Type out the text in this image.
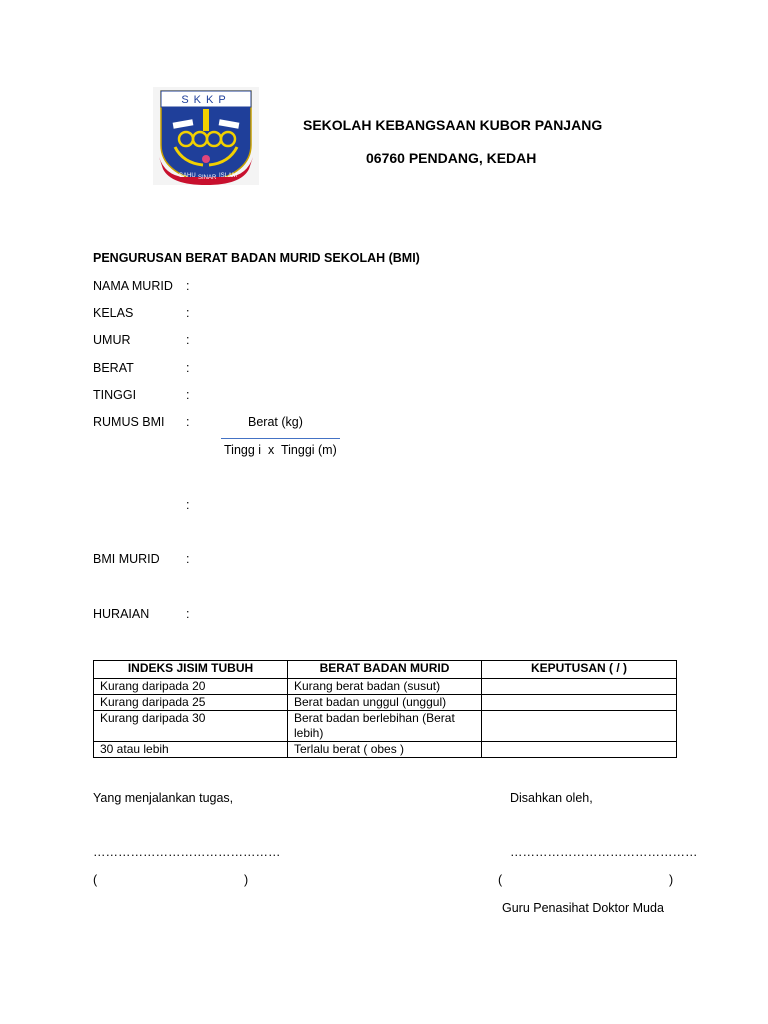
SKKP
SAHU SINAR ISLAM
SEKOLAH KEBANGSAAN KUBOR PANJANG
06760 PENDANG, KEDAH
PENGURUSAN BERAT BADAN MURID SEKOLAH (BMI)
NAMA MURID :
KELAS	:
UMUR	:
BERAT	:
TINGGI	:
RUMUS BMI :	Berat (kg)
Tingg i  x  Tinggi (m)
:
BMI MURID :
HURAIAN	:
INDEKS JISIM TUBUH	BERAT BADAN MURID	KEPUTUSAN ( / )
Kurang daripada 20	Kurang berat badan (susut)	
Kurang daripada 25	Berat badan unggul (unggul)	
Kurang daripada 30	Berat badan berlebihan (Berat lebih)	
30 atau lebih	Terlalu berat ( obes )	
Yang menjalankan tugas,	Disahkan oleh,
………………………………………	………………………………………
(	)	(	)
Guru Penasihat Doktor Muda
